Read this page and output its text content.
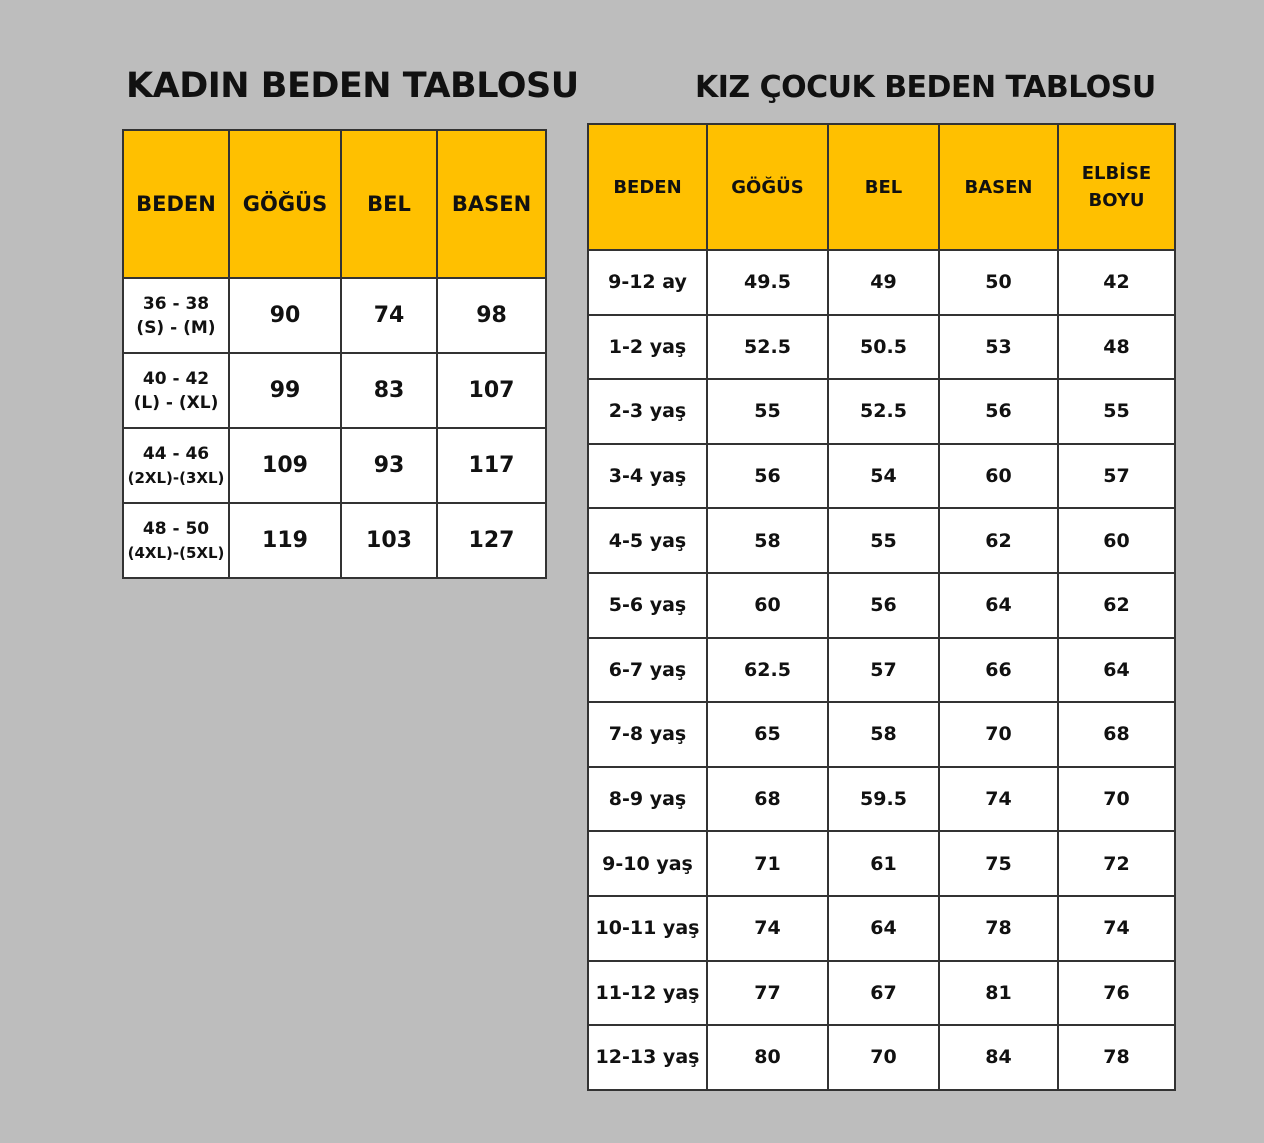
KADIN BEDEN TABLOSU
BEDEN	GÖĞÜS	BEL	BASEN

36 - 38
(S) - (M)	90	74	98

40 - 42
(L) - (XL)	99	83	107

44 - 46
(2XL)-(3XL)	109	93	117

48 - 50
(4XL)-(5XL)	119	103	127
KIZ ÇOCUK BEDEN TABLOSU
BEDEN	GÖĞÜS	BEL	BASEN	ELBİSE BOYU
9-12 ay	49.5	49	50	42
1-2 yaş	52.5	50.5	53	48
2-3 yaş	55	52.5	56	55
3-4 yaş	56	54	60	57
4-5 yaş	58	55	62	60
5-6 yaş	60	56	64	62
6-7 yaş	62.5	57	66	64
7-8 yaş	65	58	70	68
8-9 yaş	68	59.5	74	70
9-10 yaş	71	61	75	72
10-11 yaş	74	64	78	74
11-12 yaş	77	67	81	76
12-13 yaş	80	70	84	78
